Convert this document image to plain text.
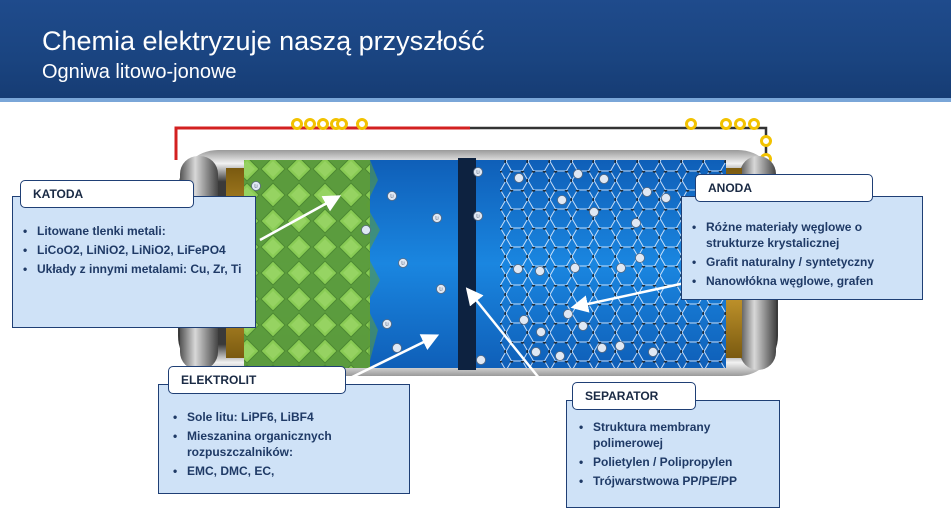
Chemia elektryzuje naszą przyszłość
Ogniwa litowo-jonowe
Li
Li
Li
Li
Li
Li
Li
Li
• Litowane tlenki metali:
• LiCoO2, LiNiO2, LiNiO2, LiFePO4
• Układy z innymi metalami: Cu, Zr, Ti
KATODA
• Różne materiały węglowe o strukturze krystalicznej
• Grafit naturalny / syntetyczny
• Nanowłókna węglowe, grafen
ANODA
• Sole litu: LiPF6, LiBF4
• Mieszanina organicznych rozpuszczalników:
• EMC, DMC, EC,
ELEKTROLIT
• Struktura membrany polimerowej
• Polietylen / Polipropylen
• Trójwarstwowa PP/PE/PP
SEPARATOR
